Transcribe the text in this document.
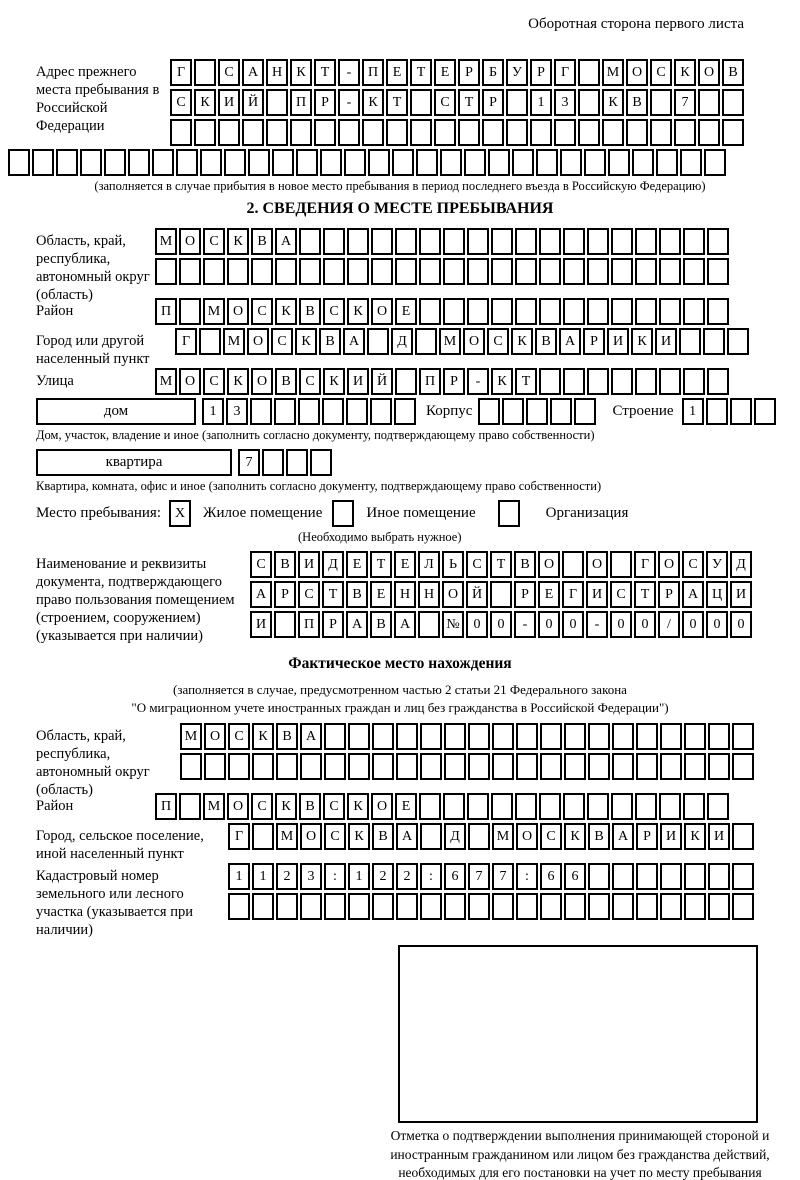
Оборотная сторона первого листа
Адрес прежнего места пребывания в Российской Федерации
Г	С А Н К Т - П Е Т Е Р Б У Р Г	М О С К О В
С К И Й	П Р - К Т	С Т Р	1 3	К В	7
(заполняется в случае прибытия в новое место пребывания в период последнего въезда в Российскую Федерацию)
2. СВЕДЕНИЯ О МЕСТЕ ПРЕБЫВАНИЯ
Область, край, республика, автономный округ (область)
М О С К В А
Район	П	М О С К В С К О Е
Город или другой населенный пункт
Г	М О С К В А	Д	М О С К В А Р И К И
Улица	М О С К О В С К И Й	П Р - К Т
дом	1 3	Корпус	Строение 1
Дом, участок, владение и иное (заполнить согласно документу, подтверждающему право собственности)
квартира	7
Квартира, комната, офис и иное (заполнить согласно документу, подтверждающему право собственности)
Место пребывания: X Жилое помещение	Иное помещение	Организация
(Необходимо выбрать нужное)
Наименование и реквизиты документа, подтверждающего право пользования помещением (строением, сооружением) (указывается при наличии)
С В И Д Е Т Е Л Ь С Т В О	О	Г О С У Д
А Р С Т В Е Н Н О Й	Р Е Г И С Т Р А Ц И
И	П Р А В А	№ 0 0 - 0 0 - 0 0 / 0 0 0
Фактическое место нахождения
(заполняется в случае, предусмотренном частью 2 статьи 21 Федерального закона
"О миграционном учете иностранных граждан и лиц без гражданства в Российской Федерации")
Область, край, республика, автономный округ (область)
М О С К В А
Район	П	М О С К В С К О Е
Город, сельское поселение, иной населенный пункт
Г	М О С К В А	Д	М О С К В А Р И К И
Кадастровый номер земельного или лесного участка (указывается при наличии)
1 1 2 3 : 1 2 2 : 6 7 7 : 6 6
Отметка о подтверждении выполнения принимающей стороной и иностранным гражданином или лицом без гражданства действий, необходимых для его постановки на учет по месту пребывания
